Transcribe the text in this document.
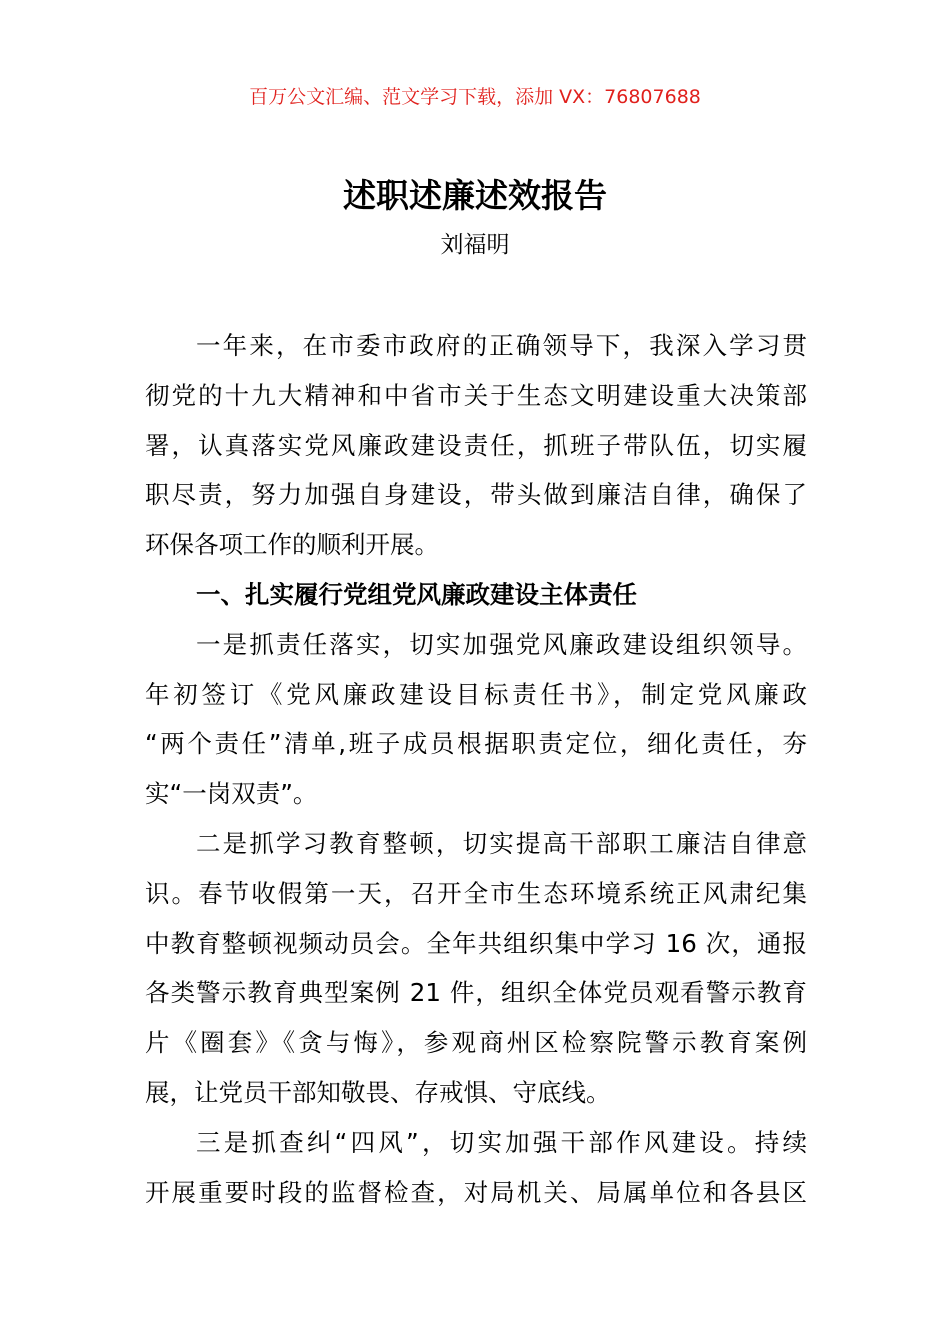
百万公文汇编、范文学习下载，添加 VX：76807688
述职述廉述效报告
刘福明
一年来，在市委市政府的正确领导下，我深入学习贯
彻党的十九大精神和中省市关于生态文明建设重大决策部
署，认真落实党风廉政建设责任，抓班子带队伍，切实履
职尽责，努力加强自身建设，带头做到廉洁自律，确保了
环保各项工作的顺利开展。
一、扎实履行党组党风廉政建设主体责任
一是抓责任落实，切实加强党风廉政建设组织领导。
年初签订《党风廉政建设目标责任书》，制定党风廉政
“两个责任”清单,班子成员根据职责定位，细化责任，夯
实“一岗双责”。
二是抓学习教育整顿，切实提高干部职工廉洁自律意
识。春节收假第一天，召开全市生态环境系统正风肃纪集
中教育整顿视频动员会。全年共组织集中学习 16 次，通报
各类警示教育典型案例 21 件，组织全体党员观看警示教育
片《圈套》《贪与悔》，参观商州区检察院警示教育案例
展，让党员干部知敬畏、存戒惧、守底线。
三是抓查纠“四风”，切实加强干部作风建设。持续
开展重要时段的监督检查，对局机关、局属单位和各县区
